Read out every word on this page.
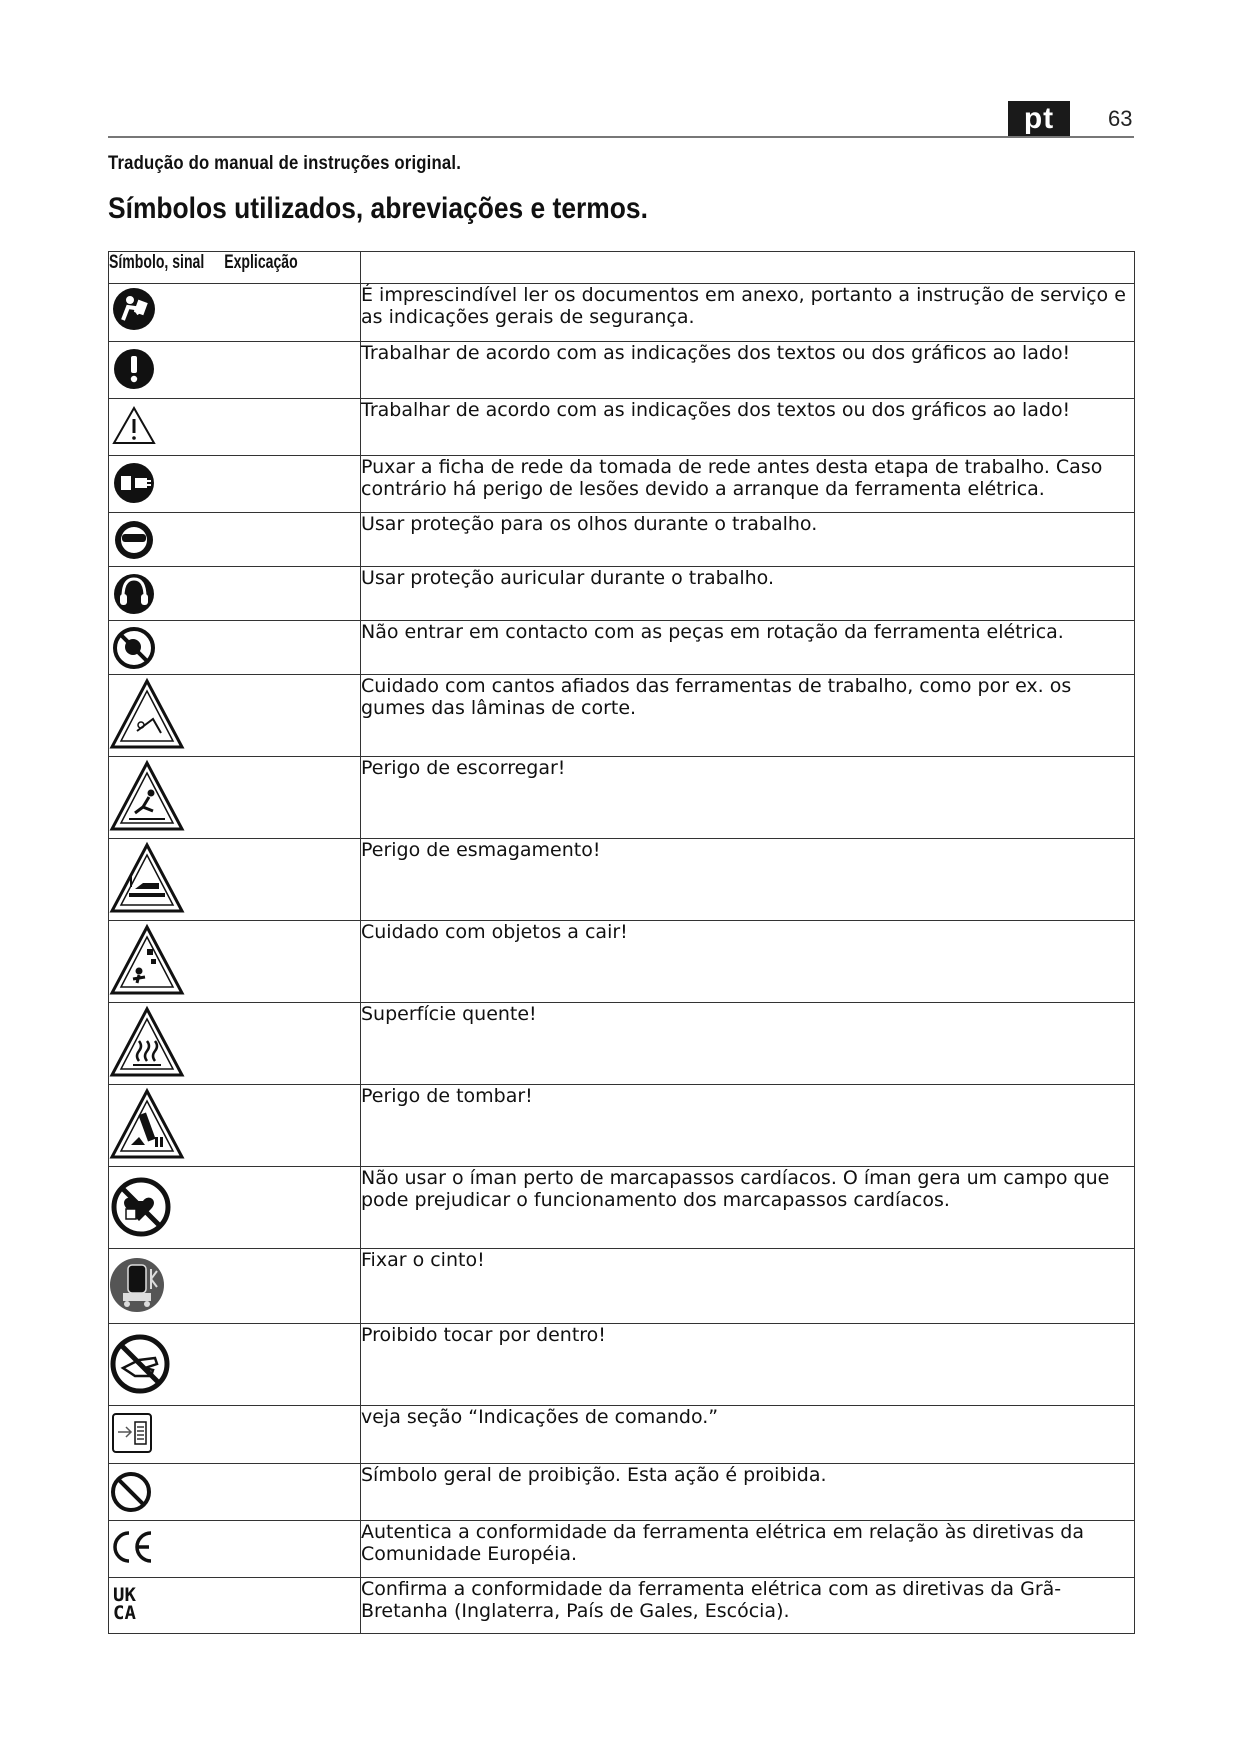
pt	63
Tradução do manual de instruções original.
Símbolos utilizados, abreviações e termos.
Símbolo, sinal Explicação	

É imprescindível ler os documentos em anexo, portanto a instrução de serviço e as indicações gerais de segurança.

Trabalhar de acordo com as indicações dos textos ou dos gráficos ao lado!

Trabalhar de acordo com as indicações dos textos ou dos gráficos ao lado!

Puxar a ficha de rede da tomada de rede antes desta etapa de trabalho. Caso contrário há perigo de lesões devido a arranque da ferramenta elétrica.

Usar proteção para os olhos durante o trabalho.

Usar proteção auricular durante o trabalho.

Não entrar em contacto com as peças em rotação da ferramenta elétrica.

Cuidado com cantos afiados das ferramentas de trabalho, como por ex. os gumes das lâminas de corte.

Perigo de escorregar!

Perigo de esmagamento!

Cuidado com objetos a cair!

Superfície quente!

Perigo de tombar!

Não usar o íman perto de marcapassos cardíacos. O íman gera um campo que pode prejudicar o funcionamento dos marcapassos cardíacos.

Fixar o cinto!

Proibido tocar por dentro!

veja seção “Indicações de comando.”

Símbolo geral de proibição. Esta ação é proibida.

Autentica a conformidade da ferramenta elétrica em relação às diretivas da Comunidade Européia.

UK
CA	Confirma a conformidade da ferramenta elétrica com as diretivas da Grã-Bretanha (Inglaterra, País de Gales, Escócia).
